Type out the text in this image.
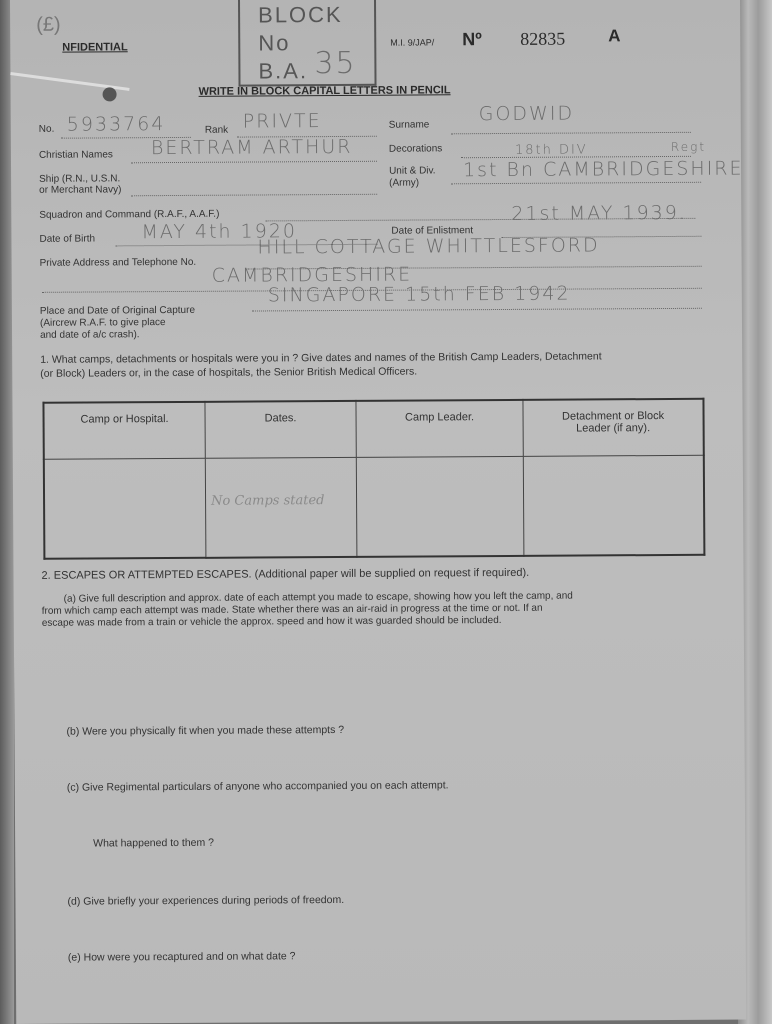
(£)
NFIDENTIAL
BLOCK
No
B.A. 35
M.I. 9/JAP/ Nº 82835	A
WRITE IN BLOCK CAPITAL LETTERS IN PENCIL
No. 5933764	Rank PRIVTE	Surname	GODWID
Christian Names BERTRAM ARTHUR	Decorations	18th DIV	Regt
Ship (R.N., U.S.N.
or Merchant Navy)
Unit & Div.
(Army)
1st Bn CAMBRIDGESHIRE
Squadron and Command (R.A.F., A.A.F.)
Date of Birth MAY 4th 1920	Date of Enlistment
21st MAY 1939.
Private Address and Telephone No.
HILL COTTAGE WHITTLESFORD
CAMBRIDGESHIRE
Place and Date of Original Capture
(Aircrew R.A.F. to give place
and date of a/c crash).
SINGAPORE 15th FEB 1942
1. What camps, detachments or hospitals were you in ? Give dates and names of the British Camp Leaders, Detachment
(or Block) Leaders or, in the case of hospitals, the Senior British Medical Officers.
Camp or Hospital.	Dates.	Camp Leader.	Detachment or Block Leader (if any).
	No Camps stated		
2. ESCAPES OR ATTEMPTED ESCAPES. (Additional paper will be supplied on request if required).
(a) Give full description and approx. date of each attempt you made to escape, showing how you left the camp, and
from which camp each attempt was made. State whether there was an air-raid in progress at the time or not. If an
escape was made from a train or vehicle the approx. speed and how it was guarded should be included.
(b) Were you physically fit when you made these attempts ?
(c) Give Regimental particulars of anyone who accompanied you on each attempt.
What happened to them ?
(d) Give briefly your experiences during periods of freedom.
(e) How were you recaptured and on what date ?
